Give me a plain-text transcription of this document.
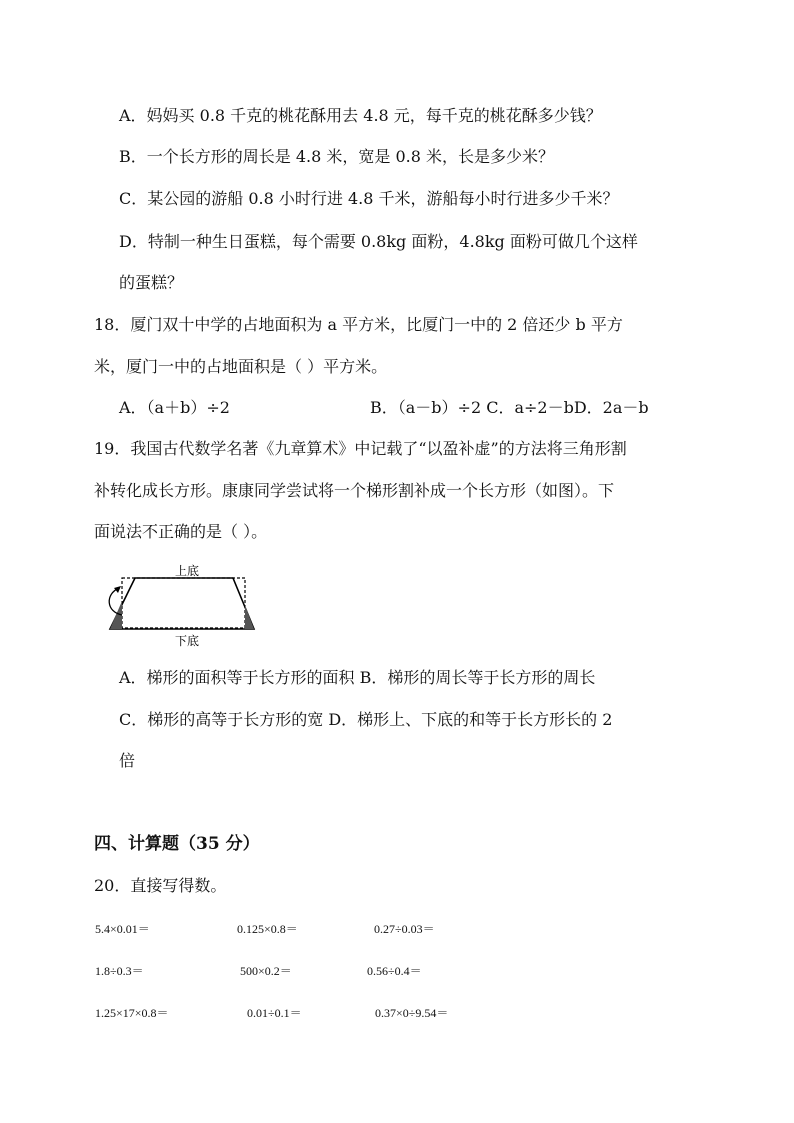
A．妈妈买 0.8 千克的桃花酥用去 4.8 元，每千克的桃花酥多少钱？
B．一个长方形的周长是 4.8 米，宽是 0.8 米，长是多少米？
C．某公园的游船 0.8 小时行进 4.8 千米，游船每小时行进多少千米？
D．特制一种生日蛋糕，每个需要 0.8kg 面粉，4.8kg 面粉可做几个这样
的蛋糕？
18．厦门双十中学的占地面积为 a 平方米，比厦门一中的 2 倍还少 b 平方
米，厦门一中的占地面积是（ ）平方米。
A．（a＋b）÷2	B．（a－b）÷2 C．a÷2－bD．2a－b
19．我国古代数学名著《九章算术》中记载了“以盈补虚”的方法将三角形割
补转化成长方形。康康同学尝试将一个梯形割补成一个长方形（如图）。下
面说法不正确的是（ ）。
上底
下底
A．梯形的面积等于长方形的面积 B．梯形的周长等于长方形的周长
C．梯形的高等于长方形的宽 D．梯形上、下底的和等于长方形长的 2
倍
四、计算题（35 分）
20．直接写得数。
5.4×0.01＝	0.125×0.8＝	0.27÷0.03＝
1.8÷0.3＝	500×0.2＝	0.56÷0.4＝
1.25×17×0.8＝	0.01÷0.1＝	0.37×0÷9.54＝
